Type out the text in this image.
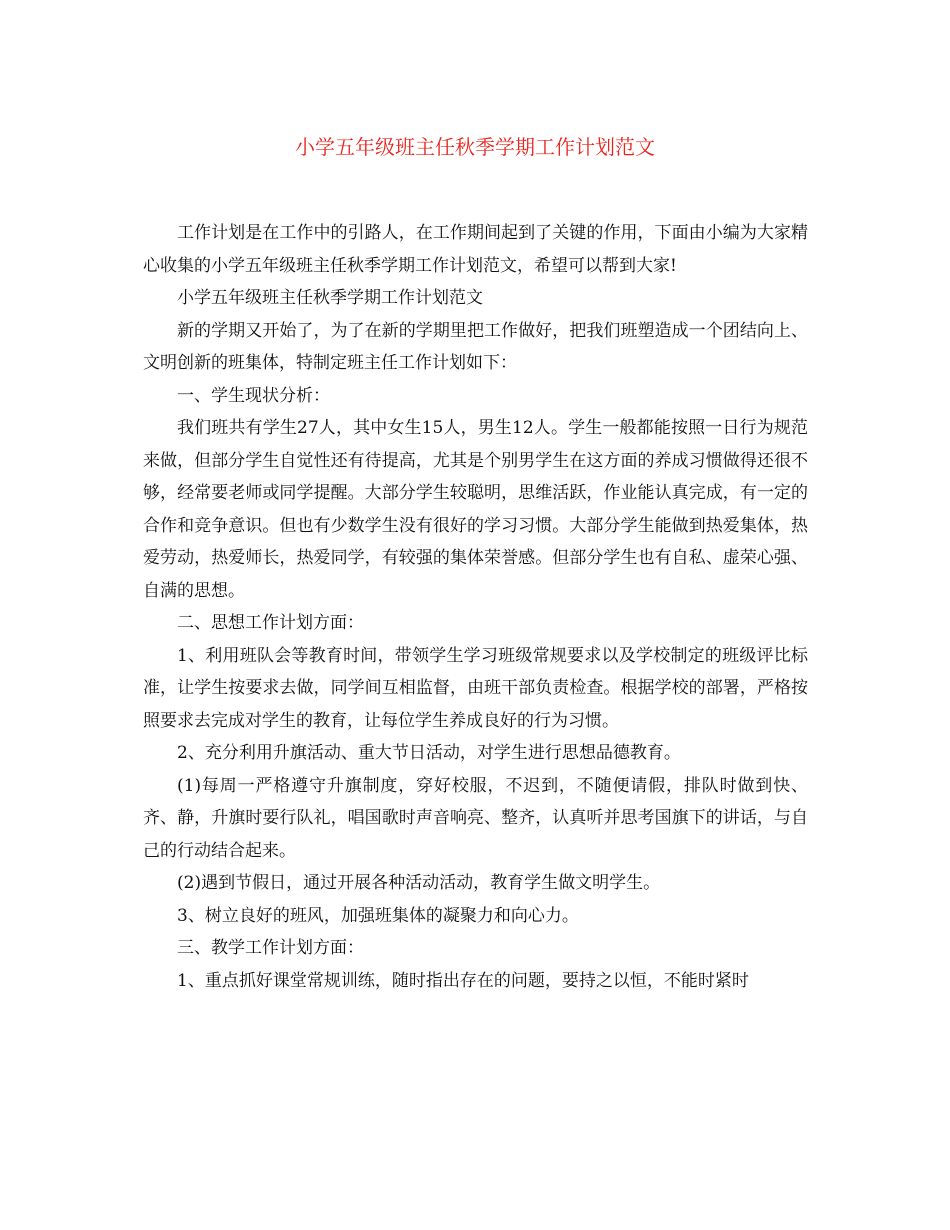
小学五年级班主任秋季学期工作计划范文

工作计划是在工作中的引路人，在工作期间起到了关键的作用，下面由小编为大家精心收集的小学五年级班主任秋季学期工作计划范文，希望可以帮到大家!

小学五年级班主任秋季学期工作计划范文

新的学期又开始了，为了在新的学期里把工作做好，把我们班塑造成一个团结向上、文明创新的班集体，特制定班主任工作计划如下：

一、学生现状分析：

我们班共有学生27人，其中女生15人，男生12人。学生一般都能按照一日行为规范来做，但部分学生自觉性还有待提高，尤其是个别男学生在这方面的养成习惯做得还很不够，经常要老师或同学提醒。大部分学生较聪明，思维活跃，作业能认真完成，有一定的合作和竞争意识。但也有少数学生没有很好的学习习惯。大部分学生能做到热爱集体，热爱劳动，热爱师长，热爱同学，有较强的集体荣誉感。但部分学生也有自私、虚荣心强、自满的思想。

二、思想工作计划方面：

1、利用班队会等教育时间，带领学生学习班级常规要求以及学校制定的班级评比标准，让学生按要求去做，同学间互相监督，由班干部负责检查。根据学校的部署，严格按照要求去完成对学生的教育，让每位学生养成良好的行为习惯。

2、充分利用升旗活动、重大节日活动，对学生进行思想品德教育。

(1)每周一严格遵守升旗制度，穿好校服，不迟到，不随便请假，排队时做到快、齐、静，升旗时要行队礼，唱国歌时声音响亮、整齐，认真听并思考国旗下的讲话，与自己的行动结合起来。

(2)遇到节假日，通过开展各种活动活动，教育学生做文明学生。

3、树立良好的班风，加强班集体的凝聚力和向心力。

三、教学工作计划方面：

1、重点抓好课堂常规训练，随时指出存在的问题，要持之以恒，不能时紧时
